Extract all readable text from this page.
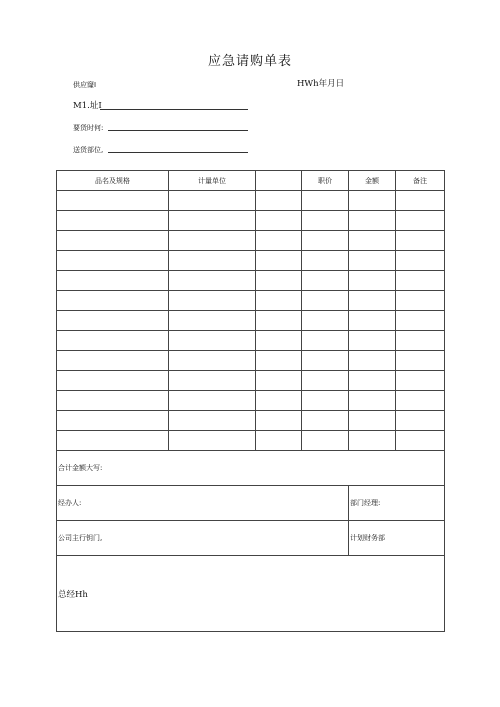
应急请购单表
供应窿I	HWh年月日
M1.址I
要货时何:
送货部位,
品名及规格	计量单位		职价	金额	备注

合计金额大写:					
经办人:				部门经理:	
公司主行钥门,				计划财务部	
总经Hh					
